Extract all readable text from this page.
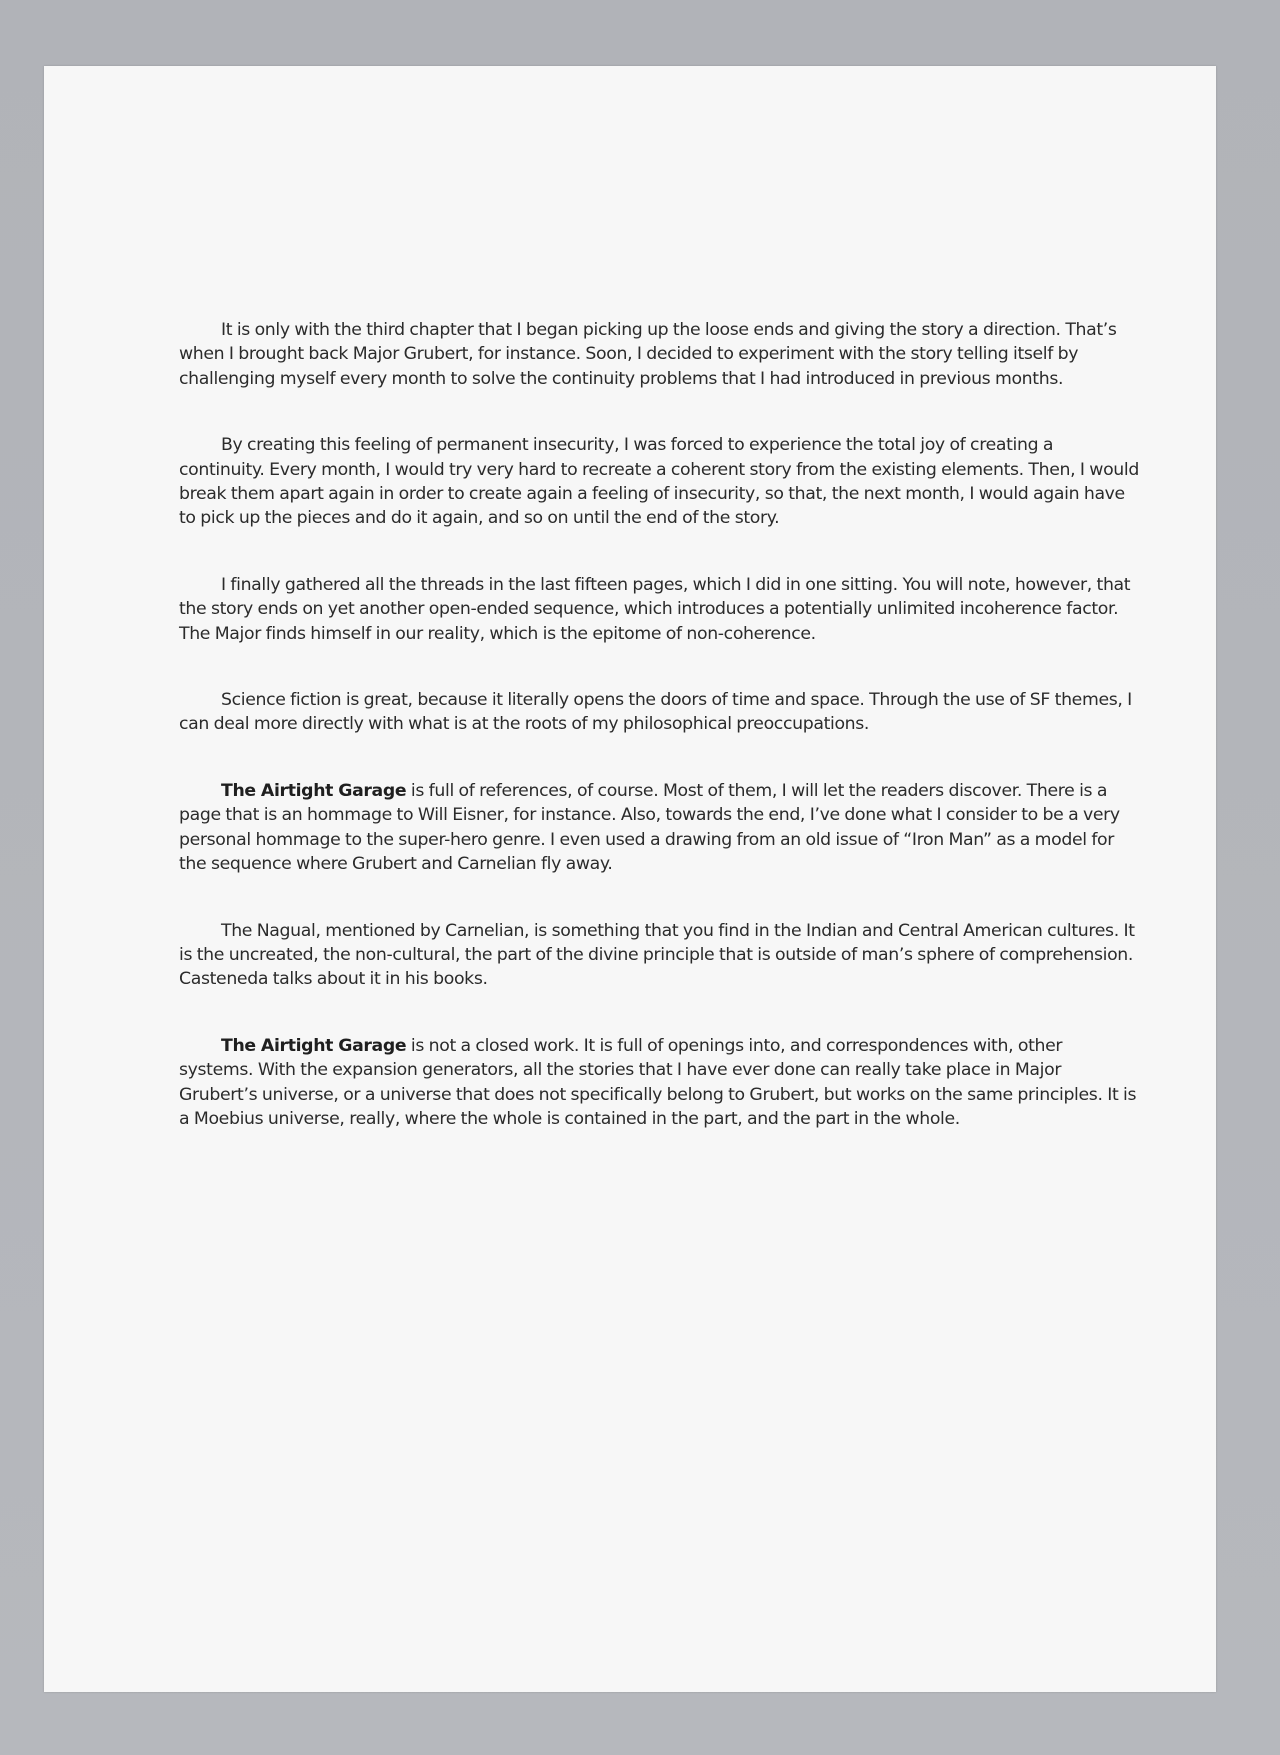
It is only with the third chapter that I began picking up the loose ends and giving the story a direction. That’s when I brought back Major Grubert, for instance. Soon, I decided to experiment with the story telling itself by challenging myself every month to solve the continuity problems that I had introduced in previous months.

By creating this feeling of permanent insecurity, I was forced to experience the total joy of creating a continuity. Every month, I would try very hard to recreate a coherent story from the existing elements. Then, I would break them apart again in order to create again a feeling of insecurity, so that, the next month, I would again have to pick up the pieces and do it again, and so on until the end of the story.

I finally gathered all the threads in the last fifteen pages, which I did in one sitting. You will note, however, that the story ends on yet another open-ended sequence, which introduces a potentially unlimited incoherence factor. The Major finds himself in our reality, which is the epitome of non-coherence.

Science fiction is great, because it literally opens the doors of time and space. Through the use of SF themes, I can deal more directly with what is at the roots of my philosophical preoccupations.

The Airtight Garage is full of references, of course. Most of them, I will let the readers discover. There is a page that is an hommage to Will Eisner, for instance. Also, towards the end, I’ve done what I consider to be a very personal hommage to the super-hero genre. I even used a drawing from an old issue of “Iron Man” as a model for the sequence where Grubert and Carnelian fly away.

The Nagual, mentioned by Carnelian, is something that you find in the Indian and Central American cultures. It is the uncreated, the non-cultural, the part of the divine principle that is outside of man’s sphere of comprehension. Casteneda talks about it in his books.

The Airtight Garage is not a closed work. It is full of openings into, and correspondences with, other systems. With the expansion generators, all the stories that I have ever done can really take place in Major Grubert’s universe, or a universe that does not specifically belong to Grubert, but works on the same principles. It is a Moebius universe, really, where the whole is contained in the part, and the part in the whole.
